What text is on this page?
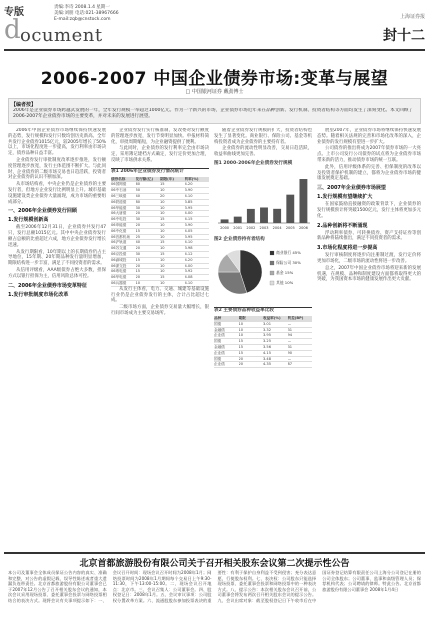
专版
d ocument
责编:李诗 2008.1.4 星期一
美编:刘朋 电话:021-38967666
E-mail:zqb@cnstock.com	上海证券报
封十二
2006-2007 中国企业债券市场:变革与展望
□ 中国银河证券 戴劲博士
【编者按】
2006年是企业债券市场跨越式发展的一年，全年发行规模一举超过1000亿元。作为一个新兴的市场，企业债券市场近年来在品种创新、发行机制、投资者结构等方面均发生了深刻变化。本文回顾了2006-2007年企业债券市场的主要变革，并对未来的发展进行展望。

2006年中国企业债券市场继续保持快速发展的态势，发行规模和发行只数均创历史新高。全年共发行企业债券1015亿元，较2005年增长了50%以上，市场化程度进一步提高，发行利率由市场决定，债券品种日益丰富。

企业债券发行审批制度改革逐步推进，发行额度管理逐步放宽，发行主体范围不断扩大。与此同时，企业债券的二级市场交易也日趋活跃，投资者对企业债券的认识不断加深。

从市场结构看，中央企业仍是企业债券的主要发行者，但地方企业发行比例明显上升。城市基础设施建设类企业债券大量涌现，成为市场的重要组成部分。

一、2006年企业债券发行回顾
1.发行规模创新高

截至2006年12月31日，企业债券共发行47只，发行总额1015亿元。其中中央企业债券发行额占总额的比重超过六成，地方企业债券发行增长迅速。

从发行期限看，10年期以上的长期债券仍占主导地位，15年期、20年期品种发行量明显增加，期限结构进一步丰富，满足了不同投资者的需求。

从信用评级看，AAA级债券占绝大多数，担保方式以银行担保为主，信用风险总体可控。

二、2006年企业债券市场变革特征
1.发行审批制度市场化改革

企业债券发行实行核准制，发改委对发行额度的管理逐步放宽，发行节奏明显加快。申报材料简化，审批周期缩短，为企业融资提供了便利。

与此同时，企业债券的发行利率完全由市场决定，采用簿记建档方式确定，发行定价更加合理，反映了市场供求关系。

表1 2006年企业债券发行情况统计
债券名称	发行额(亿)	期限(年)	利率(%)
06国网债	60	15	4.20
06中石油	50	10	3.90
06三峡债	40	20	4.10
06铁道债	80	10	3.85
06华能债	30	10	3.95
06大唐债	20	10	4.00
06中电投	30	15	4.15
06申能债	20	10	3.90
06中化债	15	10	4.05
06首都机场	25	10	3.95
06沪轨道	40	15	4.10
06苏交通	20	10	3.98
06京投债	30	15	4.12
06渝城投	15	10	4.20
06浙交投	20	10	4.00
06粤电债	15	10	3.92
06华电债	20	15	4.08
06兵器债	10	10	4.10

从发行主体看，电力、交通、城建等基础设施行业仍是企业债券发行的主体，合计占比超过七成。

二级市场方面，企业债券交易量大幅增长，银行间市场成为主要交易场所。

随着企业债券发行规模的扩大，投资者结构也发生了显著变化。商业银行、保险公司、基金等机构投资者成为企业债券的主要持有者。

企业债券的流动性明显改善，交易日趋活跃，收益率曲线更加完善。

图1 2000-2006年企业债券发行规模
2000 2001 2002 2003 2004 2005 2006
图2 企业债券持有者结构
商业银行 45%
保险公司 30%
基金 15%
其他 10%
表2 主要债券品种收益率比较
品种	期限	收益率(%)	利差(BP)
国债	10	3.01	—
金融债	10	3.32	31
企业债	10	3.95	94
国债	15	3.25	—
金融债	15	3.56	31
企业债	15	4.15	90
国债	20	3.48	—
企业债	20	4.35	87

展望2007年，企业债券市场将继续保持快速发展态势。随着相关法规的完善和市场化改革的深入，企业债券的发行规模有望进一步扩大。

公司债券的推出将成为2007年债券市场的一大亮点。上市公司发行公司债券的试点将为企业债券市场带来新的活力，推动债券市场的统一互联。

此外，信用评级体系的完善、担保制度的改革以及投资者保护机制的建立，都将为企业债券市场的健康发展奠定基础。

三、2007年企业债券市场展望
1.发行规模有望继续扩大

在国家鼓励直接融资的政策背景下，企业债券的发行规模预计将突破1500亿元，发行主体将更加多元化。

2.品种创新将不断涌现

浮动利率债券、可转换债券、资产支持证券等创新品种将陆续推出，满足不同投资者的需求。

3.市场化程度将进一步提高

发行审核制度将逐步向注册制过渡，发行定价将更加市场化，二级市场的流动性将进一步改善。

总之，2007年中国企业债券市场将迎来新的发展机遇，在规模、品种和制度建设方面都将取得更大的突破，为我国资本市场的健康发展作出更大贡献。

北京首都旅游股份有限公司关于召开相关股东会议第二次提示性公告
本公司及董事会全体成员保证公告内容的真实、准确和完整，对公告的虚假记载、误导性陈述或者重大遗漏负连带责任。北京首都旅游股份有限公司董事会已于2007年12月公告了召开相关股东会议的通知，本次会议采用现场投票、委托董事会投票与网络投票相结合的表决方式。现将会议有关事项提示如下：一、会议召开时间：现场会议召开时间为2008年1月；网络投票时间为2008年1月期间每个交易日上午9:30-11:30，下午13:00-15:00。二、现场会议召开地点：北京市。三、会议召集人：公司董事会。四、股权登记日：2008年1月。五、会议审议事项：公司股权分置改革方案。六、流通股股东参加投票表决的重要性：有利于保护自身利益不受到侵害；充分表达意愿，行使股东权利。七、表决权：公司股东只能选择现场投票、委托董事会投票和网络投票中的一种表决方式。八、提示公告：本次相关股东会议召开前，公司董事会将发布两次召开相关股东会议的提示公告。九、会议出席对象：截至股权登记日下午收市后在中国证券登记结算有限责任公司上海分公司登记在册的公司全体股东；公司董事、监事和高级管理人员；保荐机构代表；公司聘请的律师。特此公告。北京首都旅游股份有限公司董事会 2008年1月4日
